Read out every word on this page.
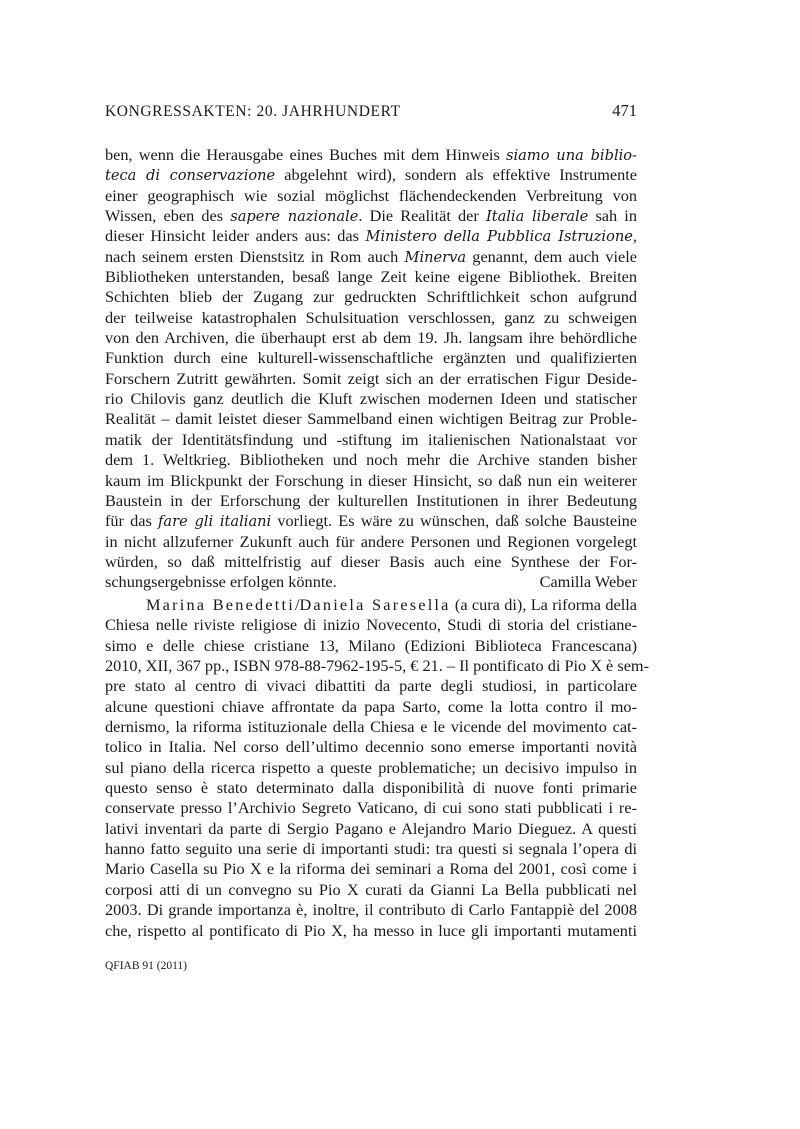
KONGRESSAKTEN: 20. JAHRHUNDERT	471
ben, wenn die Herausgabe eines Buches mit dem Hinweis siamo una biblio-
teca di conservazione abgelehnt wird), sondern als effektive Instrumente
einer geographisch wie sozial möglichst flächendeckenden Verbreitung von
Wissen, eben des sapere nazionale. Die Realität der Italia liberale sah in
dieser Hinsicht leider anders aus: das Ministero della Pubblica Istruzione,
nach seinem ersten Dienstsitz in Rom auch Minerva genannt, dem auch viele
Bibliotheken unterstanden, besaß lange Zeit keine eigene Bibliothek. Breiten
Schichten blieb der Zugang zur gedruckten Schriftlichkeit schon aufgrund
der teilweise katastrophalen Schulsituation verschlossen, ganz zu schweigen
von den Archiven, die überhaupt erst ab dem 19. Jh. langsam ihre behördliche
Funktion durch eine kulturell-wissenschaftliche ergänzten und qualifizierten
Forschern Zutritt gewährten. Somit zeigt sich an der erratischen Figur Deside-
rio Chilovis ganz deutlich die Kluft zwischen modernen Ideen und statischer
Realität – damit leistet dieser Sammelband einen wichtigen Beitrag zur Proble-
matik der Identitätsfindung und -stiftung im italienischen Nationalstaat vor
dem 1. Weltkrieg. Bibliotheken und noch mehr die Archive standen bisher
kaum im Blickpunkt der Forschung in dieser Hinsicht, so daß nun ein weiterer
Baustein in der Erforschung der kulturellen Institutionen in ihrer Bedeutung
für das fare gli italiani vorliegt. Es wäre zu wünschen, daß solche Bausteine
in nicht allzuferner Zukunft auch für andere Personen und Regionen vorgelegt
würden, so daß mittelfristig auf dieser Basis auch eine Synthese der For-
schungsergebnisse erfolgen könnte.	Camilla Weber
Marina Benedetti/Daniela Saresella (a cura di), La riforma della
Chiesa nelle riviste religiose di inizio Novecento, Studi di storia del cristiane-
simo e delle chiese cristiane 13, Milano (Edizioni Biblioteca Francescana)
2010, XII, 367 pp., ISBN 978-88-7962-195-5, € 21. – Il pontificato di Pio X è sem-
pre stato al centro di vivaci dibattiti da parte degli studiosi, in particolare
alcune questioni chiave affrontate da papa Sarto, come la lotta contro il mo-
dernismo, la riforma istituzionale della Chiesa e le vicende del movimento cat-
tolico in Italia. Nel corso dell’ultimo decennio sono emerse importanti novità
sul piano della ricerca rispetto a queste problematiche; un decisivo impulso in
questo senso è stato determinato dalla disponibilità di nuove fonti primarie
conservate presso l’Archivio Segreto Vaticano, di cui sono stati pubblicati i re-
lativi inventari da parte di Sergio Pagano e Alejandro Mario Dieguez. A questi
hanno fatto seguito una serie di importanti studi: tra questi si segnala l’opera di
Mario Casella su Pio X e la riforma dei seminari a Roma del 2001, così come i
corposi atti di un convegno su Pio X curati da Gianni La Bella pubblicati nel
2003. Di grande importanza è, inoltre, il contributo di Carlo Fantappiè del 2008
che, rispetto al pontificato di Pio X, ha messo in luce gli importanti mutamenti
QFIAB 91 (2011)
